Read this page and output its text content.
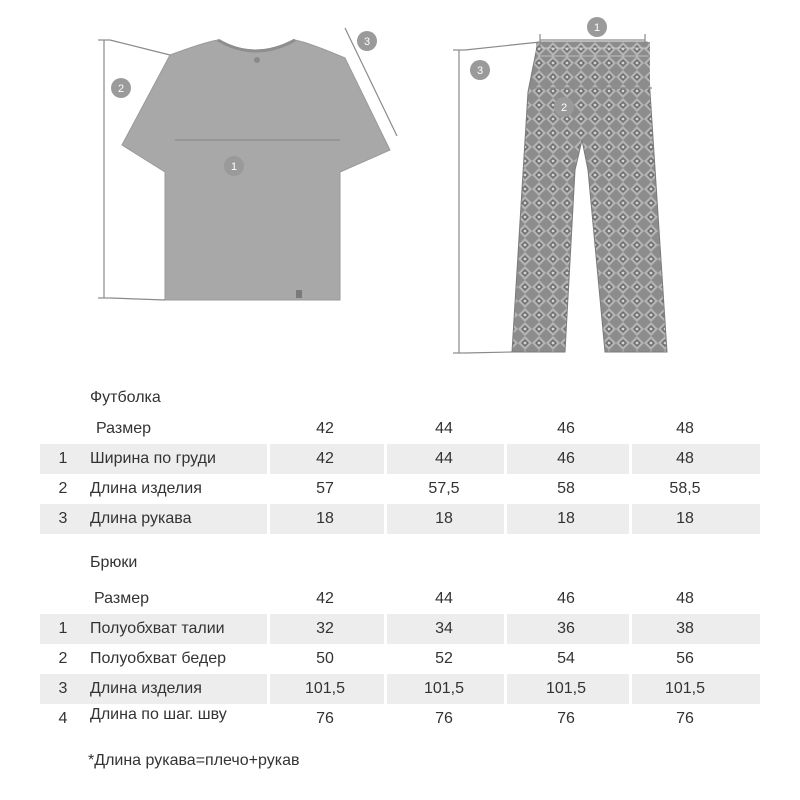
1
2
3
1
2
3
Футболка
Размер	42	44	46	48
1 Ширина по груди	42	44	46	48
2 Длина изделия	57	57,5	58	58,5
3 Длина рукава	18	18	18	18
Брюки
Размер	42	44	46	48
1 Полуобхват талии	32	34	36	38
2 Полуобхват бедер	50	52	54	56
3 Длина изделия	101,5	101,5	101,5	101,5
4 Длина по шаг. шву	76	76	76	76
*Длина рукава=плечо+рукав
